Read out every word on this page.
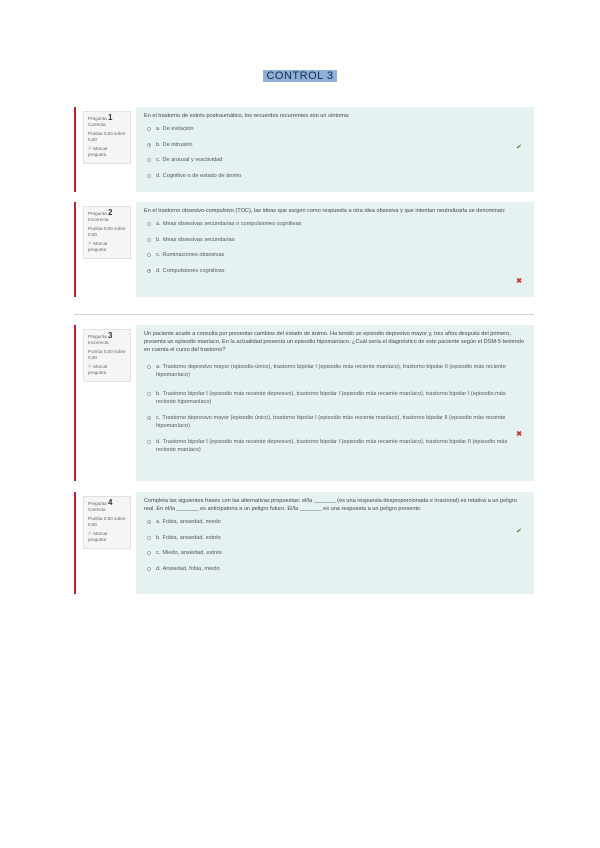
CONTROL 3
Pregunta 1
Correcta
Puntúa 0,50 sobre 0,50
⚐ Marcar pregunta

En el trastorno de estrés postraumático, los recuerdos recurrentes son un síntoma:

a. De evitación
b. De intrusión
c. De arousal y reactividad
d. Cognitivo o de estado de ánimo
✔
Pregunta 2
Incorrecta
Puntúa 0,00 sobre 0,50
⚐ Marcar pregunta

En el trastorno obsesivo-compulsivo (TOC), las ideas que surgen como respuesta a otra idea obsesiva y que intentan neutralizarla se denominan:

a. Ideas obsesivas secundarias o compulsiones cognitivas
b. Ideas obsesivas secundarias
c. Ruminaciones obsesivas
d. Compulsiones cognitivas
✖
Pregunta 3
Incorrecta
Puntúa 0,00 sobre 0,50
⚐ Marcar pregunta

Un paciente acude a consulta por presentar cambios del estado de ánimo. Ha tenido un episodio depresivo mayor y, tres años después del primero, presenta un episodio maníaco. En la actualidad presenta un episodio hipomaníaco. ¿Cuál sería el diagnóstico de este paciente según el DSM-5 teniendo en cuenta el curso del trastorno?

a. Trastorno depresivo mayor (episodio único), trastorno bipolar I (episodio más reciente maníaco), trastorno bipolar II (episodio más reciente hipomaníaco)
b. Trastorno bipolar I (episodio más reciente depresivo), trastorno bipolar I (episodio más reciente maníaco), trastorno bipolar I (episodio más reciente hipomaníaco)
c. Trastorno depresivo mayor (episodio único), trastorno bipolar I (episodio más reciente maníaco), trastorno bipolar II (episodio más reciente hipomaníaco)
d. Trastorno bipolar I (episodio más reciente depresivo), trastorno bipolar I (episodio más reciente maníaco), trastorno bipolar II (episodio más reciente maníaco)
✖
Pregunta 4
Correcta
Puntúa 0,50 sobre 0,50
⚐ Marcar pregunta

Completa las siguientes frases con las alternativas propuestas: el/la _______ (es una respuesta desproporcionada e irracional) es relativa a un peligro real. En el/la _______ es anticipatoria a un peligro futuro. El/la _______ es una respuesta a un peligro presente.

a. Fobia, ansiedad, miedo
b. Fobia, ansiedad, estrés
c. Miedo, ansiedad, estrés
d. Ansiedad, fobia, miedo
✔
